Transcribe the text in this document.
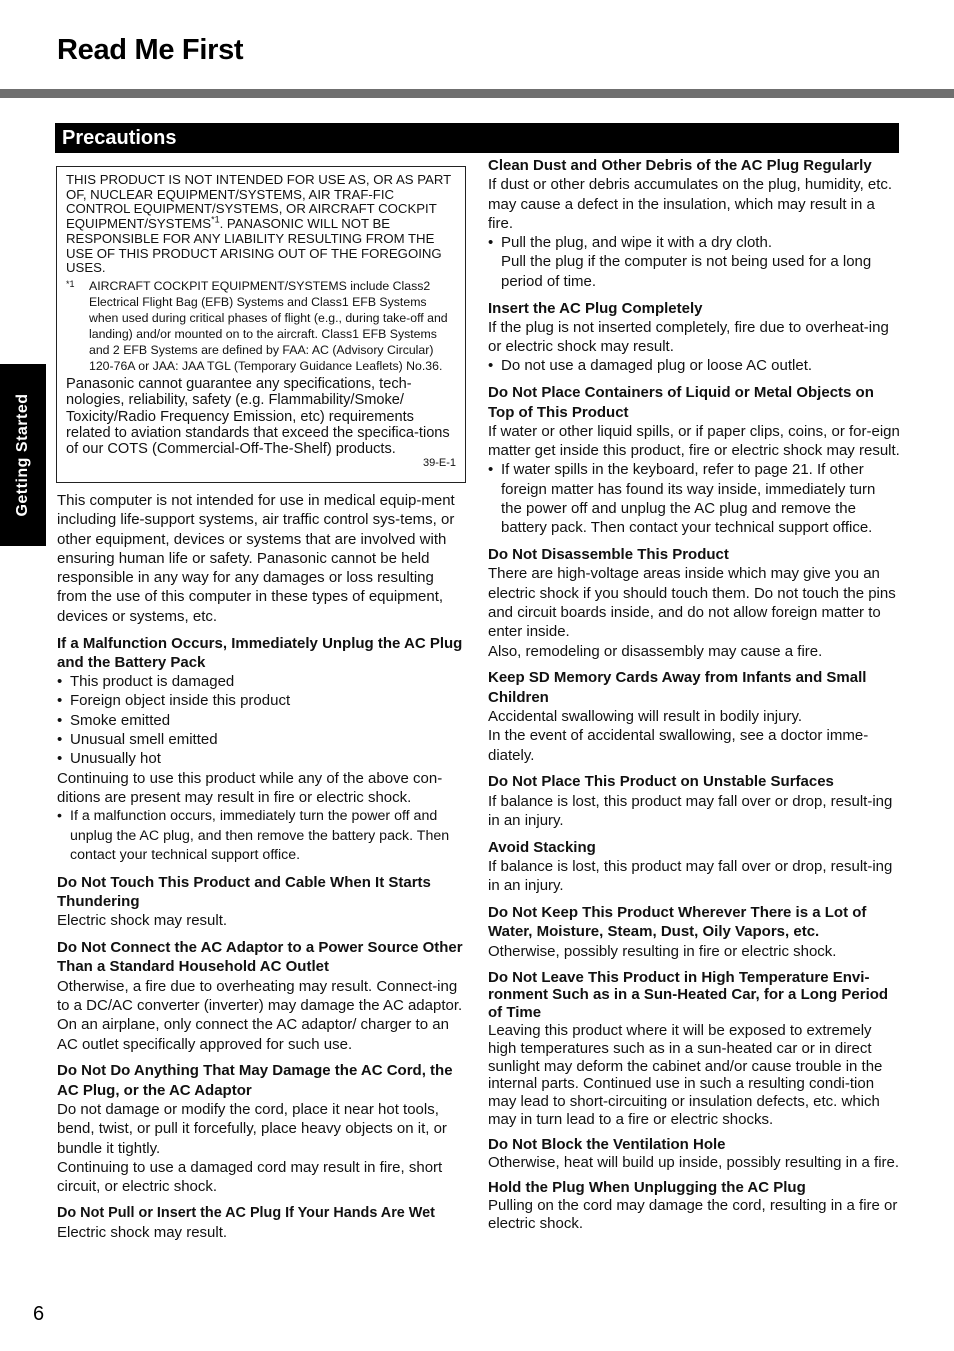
Read Me First
Precautions
Getting Started
THIS PRODUCT IS NOT INTENDED FOR USE AS, OR AS PART OF, NUCLEAR EQUIPMENT/SYSTEMS, AIR TRAF-FIC CONTROL EQUIPMENT/SYSTEMS, OR AIRCRAFT COCKPIT EQUIPMENT/SYSTEMS$^{*1}$. PANASONIC WILL NOT BE RESPONSIBLE FOR ANY LIABILITY RESULTING FROM THE USE OF THIS PRODUCT ARISING OUT OF THE FOREGOING USES.
*1	AIRCRAFT COCKPIT EQUIPMENT/SYSTEMS include Class2 Electrical Flight Bag (EFB) Systems and Class1 EFB Systems when used during critical phases of flight (e.g., during take-off and landing) and/or mounted on to the aircraft. Class1 EFB Systems and 2 EFB Systems are defined by FAA: AC (Advisory Circular) 120-76A or JAA: JAA TGL (Temporary Guidance Leaflets) No.36.
Panasonic cannot guarantee any specifications, tech-nologies, reliability, safety (e.g. Flammability/Smoke/ Toxicity/Radio Frequency Emission, etc) requirements related to aviation standards that exceed the specifica-tions of our COTS (Commercial-Off-The-Shelf) products.
39-E-1
This computer is not intended for use in medical equip-ment including life-support systems, air traffic control sys-tems, or other equipment, devices or systems that are involved with ensuring human life or safety. Panasonic cannot be held responsible in any way for any damages or loss resulting from the use of this computer in these types of equipment, devices or systems, etc.
If a Malfunction Occurs, Immediately Unplug the AC Plug and the Battery Pack
• This product is damaged
• Foreign object inside this product
• Smoke emitted
• Unusual smell emitted
• Unusually hot
Continuing to use this product while any of the above con-ditions are present may result in fire or electric shock.
• If a malfunction occurs, immediately turn the power off and unplug the AC plug, and then remove the battery pack. Then contact your technical support office.
Do Not Touch This Product and Cable When It Starts Thundering
Electric shock may result.
Do Not Connect the AC Adaptor to a Power Source Other Than a Standard Household AC Outlet
Otherwise, a fire due to overheating may result. Connect-ing to a DC/AC converter (inverter) may damage the AC adaptor. On an airplane, only connect the AC adaptor/ charger to an AC outlet specifically approved for such use.
Do Not Do Anything That May Damage the AC Cord, the AC Plug, or the AC Adaptor
Do not damage or modify the cord, place it near hot tools, bend, twist, or pull it forcefully, place heavy objects on it, or bundle it tightly.
Continuing to use a damaged cord may result in fire, short circuit, or electric shock.
Do Not Pull or Insert the AC Plug If Your Hands Are Wet
Electric shock may result.
Clean Dust and Other Debris of the AC Plug Regularly
If dust or other debris accumulates on the plug, humidity, etc. may cause a defect in the insulation, which may result in a fire.
• Pull the plug, and wipe it with a dry cloth.
Pull the plug if the computer is not being used for a long period of time.
Insert the AC Plug Completely
If the plug is not inserted completely, fire due to overheat-ing or electric shock may result.
• Do not use a damaged plug or loose AC outlet.
Do Not Place Containers of Liquid or Metal Objects on Top of This Product
If water or other liquid spills, or if paper clips, coins, or for-eign matter get inside this product, fire or electric shock may result.
• If water spills in the keyboard, refer to page 21. If other foreign matter has found its way inside, immediately turn the power off and unplug the AC plug and remove the battery pack. Then contact your technical support office.
Do Not Disassemble This Product
There are high-voltage areas inside which may give you an electric shock if you should touch them. Do not touch the pins and circuit boards inside, and do not allow foreign matter to enter inside.
Also, remodeling or disassembly may cause a fire.
Keep SD Memory Cards Away from Infants and Small Children
Accidental swallowing will result in bodily injury.
In the event of accidental swallowing, see a doctor imme-diately.
Do Not Place This Product on Unstable Surfaces
If balance is lost, this product may fall over or drop, result-ing in an injury.
Avoid Stacking
If balance is lost, this product may fall over or drop, result-ing in an injury.
Do Not Keep This Product Wherever There is a Lot of Water, Moisture, Steam, Dust, Oily Vapors, etc.
Otherwise, possibly resulting in fire or electric shock.
Do Not Leave This Product in High Temperature Envi-ronment Such as in a Sun-Heated Car, for a Long Period of Time
Leaving this product where it will be exposed to extremely high temperatures such as in a sun-heated car or in direct sunlight may deform the cabinet and/or cause trouble in the internal parts. Continued use in such a resulting condi-tion may lead to short-circuiting or insulation defects, etc. which may in turn lead to a fire or electric shocks.
Do Not Block the Ventilation Hole
Otherwise, heat will build up inside, possibly resulting in a fire.
Hold the Plug When Unplugging the AC Plug
Pulling on the cord may damage the cord, resulting in a fire or electric shock.
6
